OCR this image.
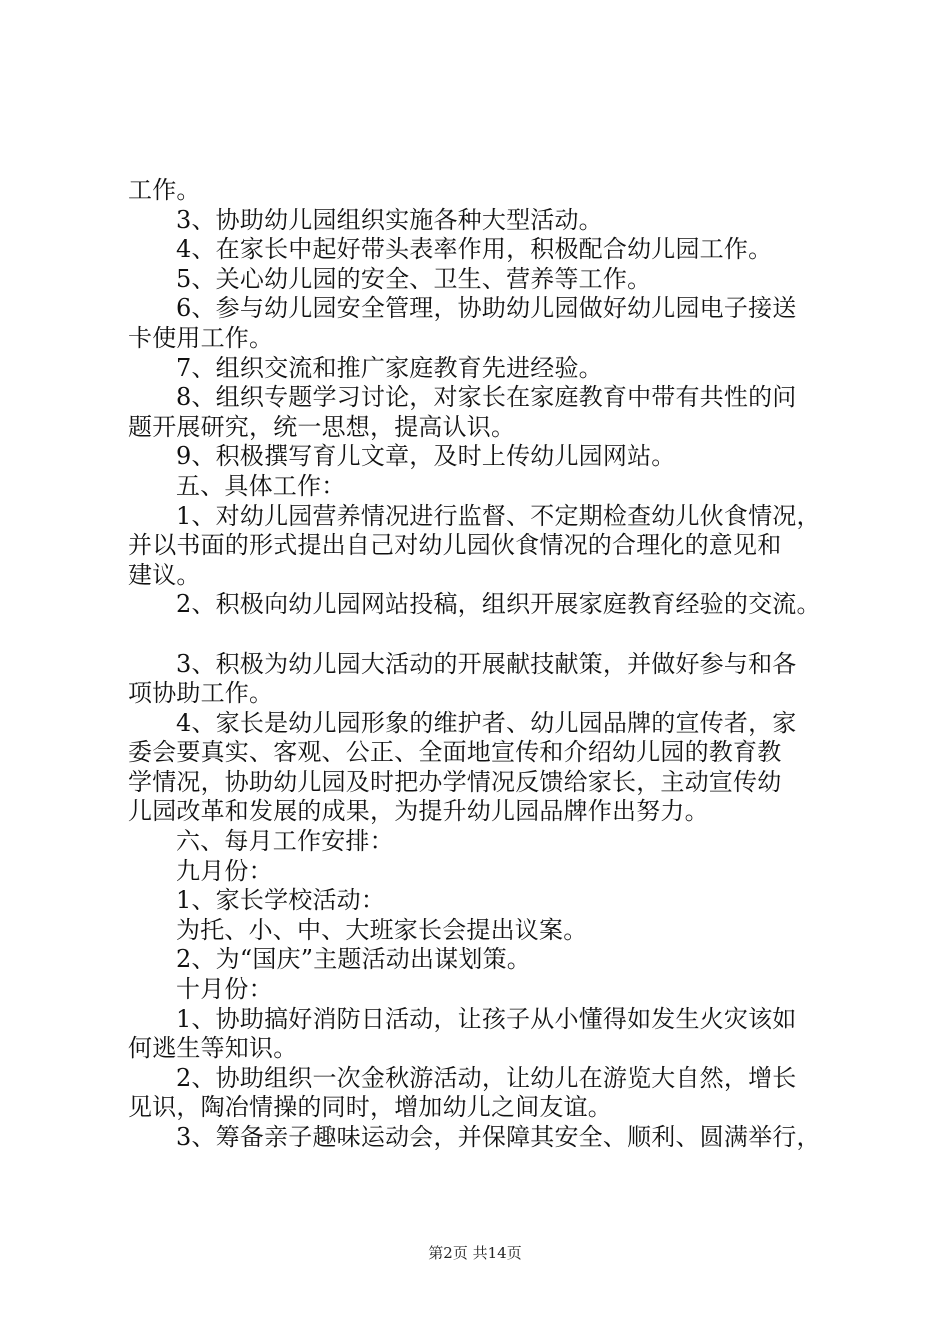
工作。
3、协助幼儿园组织实施各种大型活动。
4、在家长中起好带头表率作用，积极配合幼儿园工作。
5、关心幼儿园的安全、卫生、营养等工作。
6、参与幼儿园安全管理，协助幼儿园做好幼儿园电子接送
卡使用工作。
7、组织交流和推广家庭教育先进经验。
8、组织专题学习讨论，对家长在家庭教育中带有共性的问
题开展研究，统一思想，提高认识。
9、积极撰写育儿文章，及时上传幼儿园网站。
五、具体工作：
1、对幼儿园营养情况进行监督、不定期检查幼儿伙食情况，
并以书面的形式提出自己对幼儿园伙食情况的合理化的意见和
建议。
2、积极向幼儿园网站投稿，组织开展家庭教育经验的交流。
3、积极为幼儿园大活动的开展献技献策，并做好参与和各
项协助工作。
4、家长是幼儿园形象的维护者、幼儿园品牌的宣传者，家
委会要真实、客观、公正、全面地宣传和介绍幼儿园的教育教
学情况，协助幼儿园及时把办学情况反馈给家长，主动宣传幼
儿园改革和发展的成果，为提升幼儿园品牌作出努力。
六、每月工作安排：
九月份：
1、家长学校活动：
为托、小、中、大班家长会提出议案。
2、为“国庆”主题活动出谋划策。
十月份：
1、协助搞好消防日活动，让孩子从小懂得如发生火灾该如
何逃生等知识。
2、协助组织一次金秋游活动，让幼儿在游览大自然，增长
见识，陶冶情操的同时，增加幼儿之间友谊。
3、筹备亲子趣味运动会，并保障其安全、顺利、圆满举行，
第2页 共14页
